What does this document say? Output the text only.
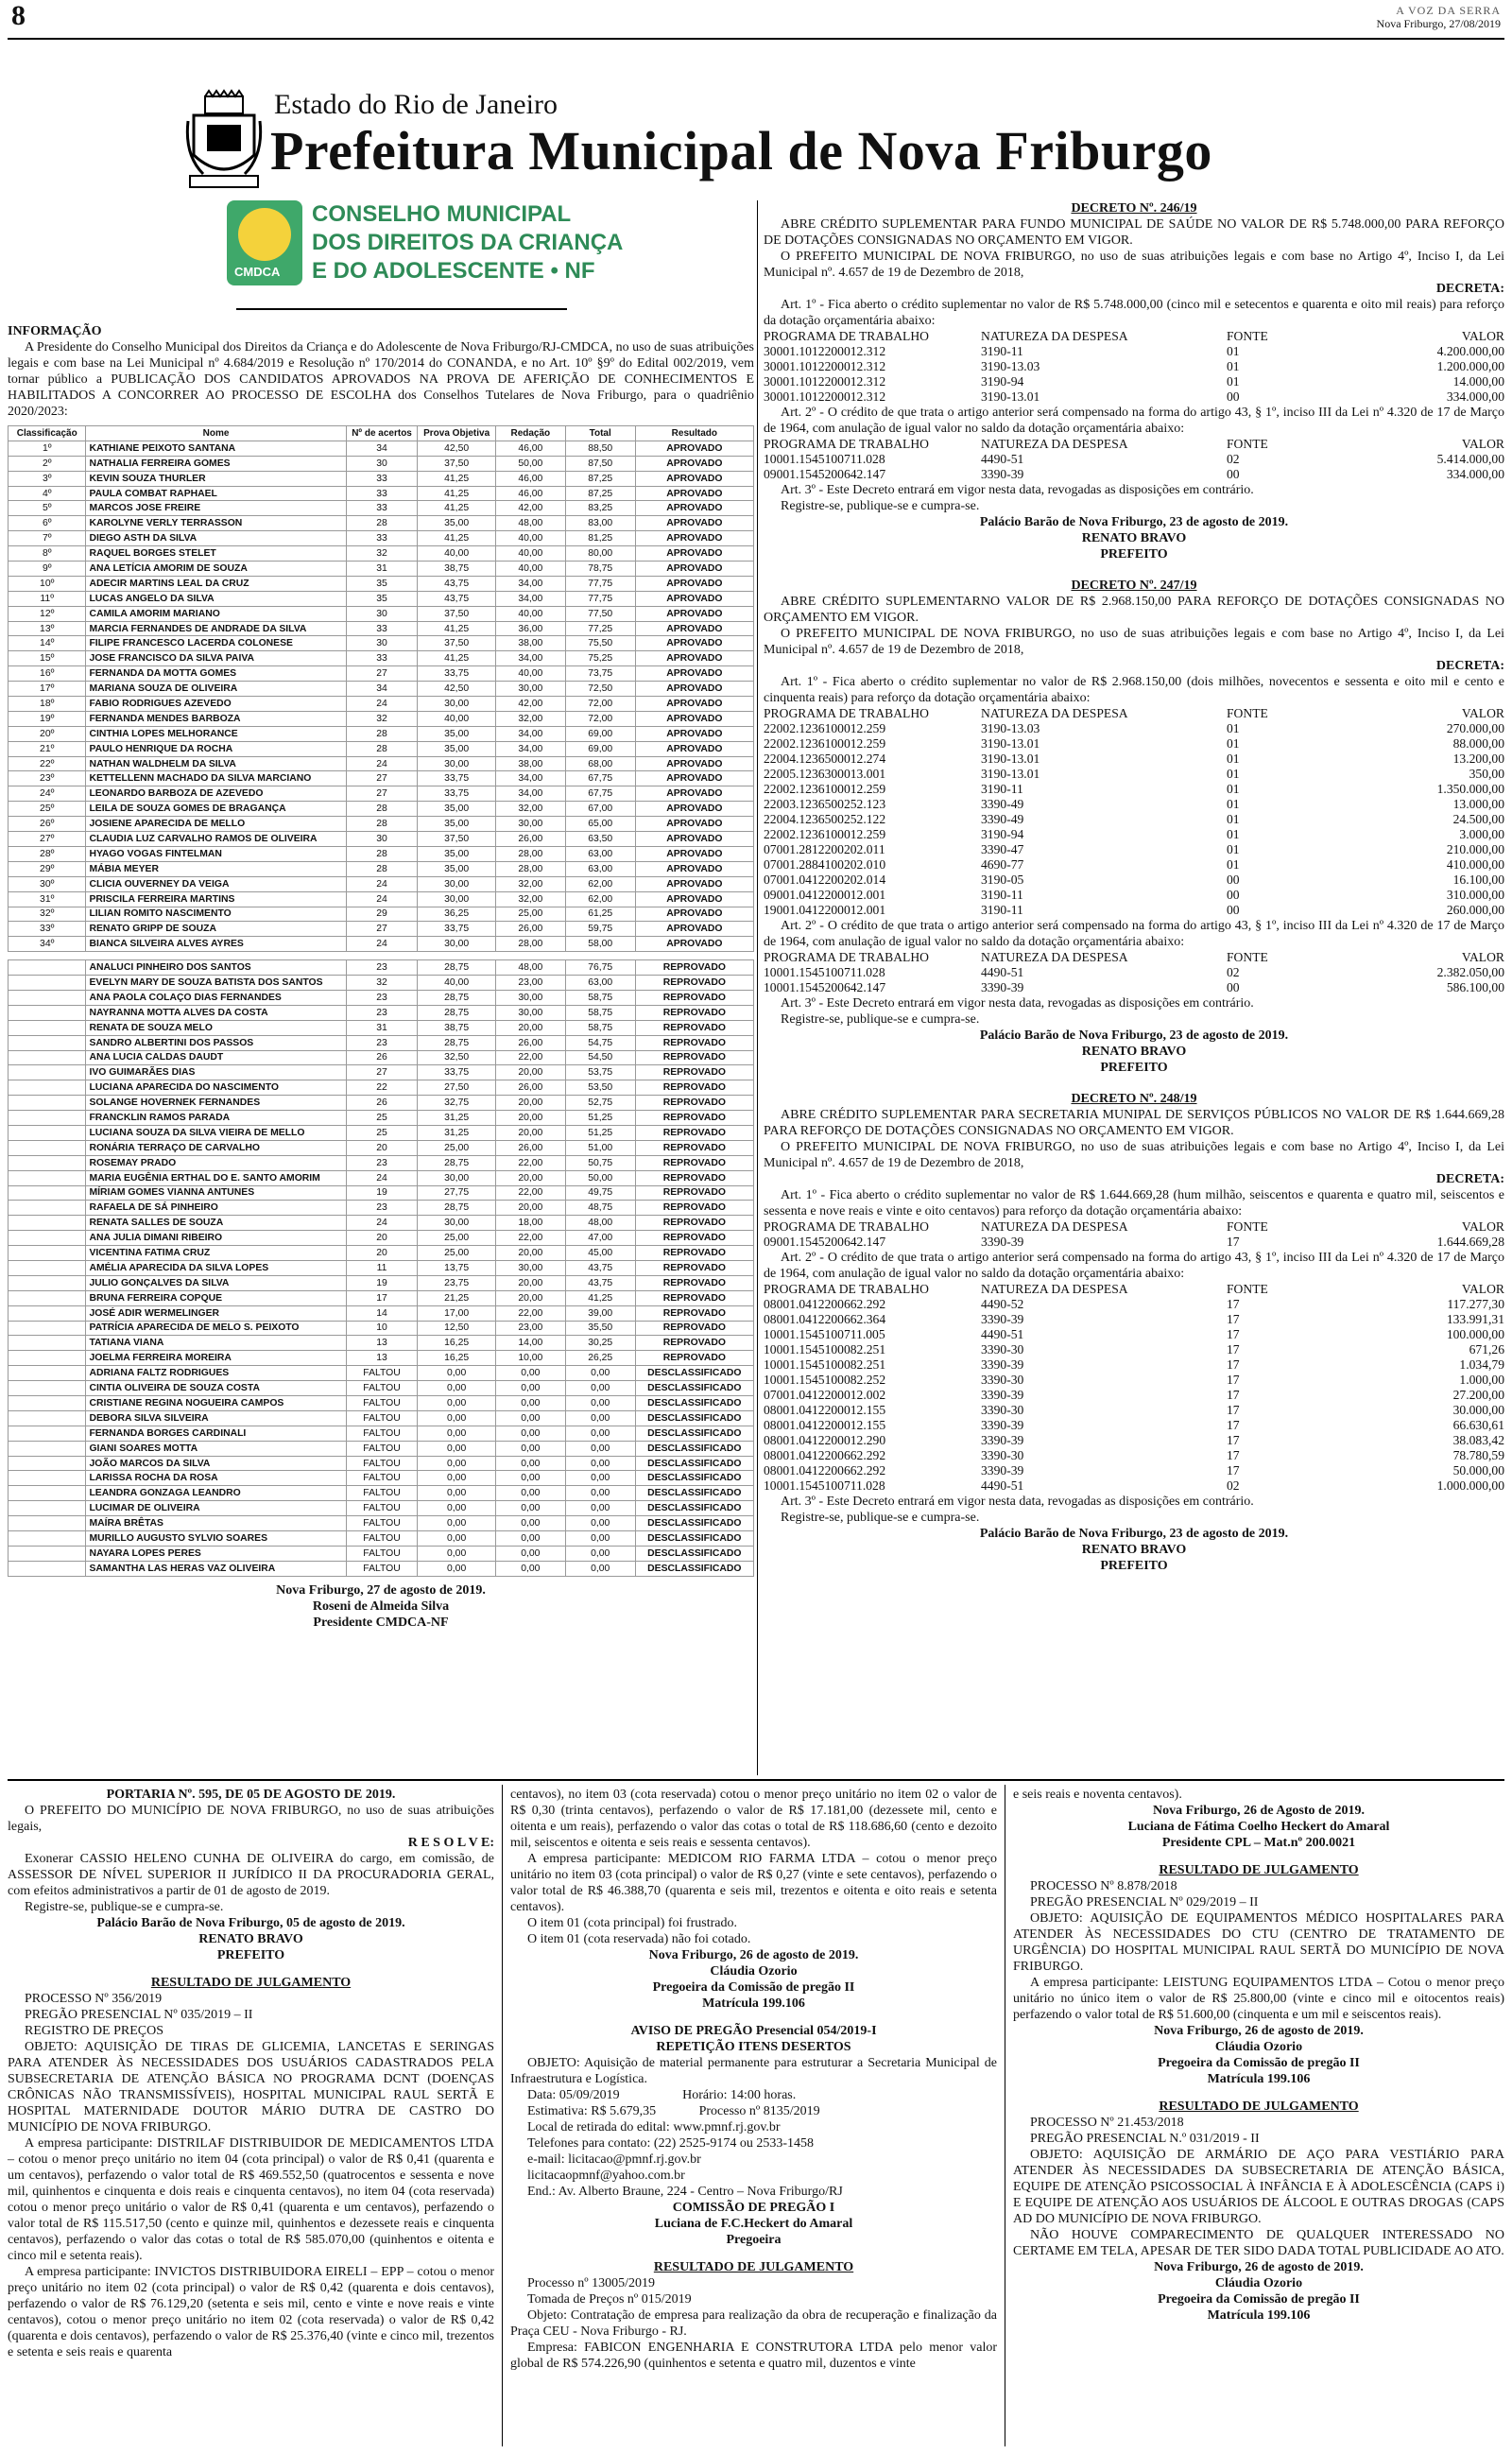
8	A VOZ DA SERRA
Nova Friburgo, 27/08/2019
Estado do Rio de Janeiro
Prefeitura Municipal de Nova Friburgo
CMDCA
CONSELHO MUNICIPAL
DOS DIREITOS DA CRIANÇA
E DO ADOLESCENTE • NF

INFORMAÇÃO

A Presidente do Conselho Municipal dos Direitos da Criança e do Adolescente de Nova Friburgo/RJ-CMDCA, no uso de suas atribuições legais e com base na Lei Municipal nº 4.684/2019 e Resolução nº 170/2014 do CONANDA, e no Art. 10º §9º do Edital 002/2019, vem tornar público a PUBLICAÇÃO DOS CANDIDATOS APROVADOS NA PROVA DE AFERIÇÃO DE CONHECIMENTOS E HABILITADOS A CONCORRER AO PROCESSO DE ESCOLHA dos Conselhos Tutelares de Nova Friburgo, para o quadriênio 2020/2023:

Classificação	Nome	Nº de acertos	Prova Objetiva	Redação	Total	Resultado
1º	KATHIANE PEIXOTO SANTANA	34	42,50	46,00	88,50	APROVADO
2º	NATHALIA FERREIRA GOMES	30	37,50	50,00	87,50	APROVADO
3º	KEVIN SOUZA THURLER	33	41,25	46,00	87,25	APROVADO
4º	PAULA COMBAT RAPHAEL	33	41,25	46,00	87,25	APROVADO
5º	MARCOS JOSE FREIRE	33	41,25	42,00	83,25	APROVADO
6º	KAROLYNE VERLY TERRASSON	28	35,00	48,00	83,00	APROVADO
7º	DIEGO ASTH DA SILVA	33	41,25	40,00	81,25	APROVADO
8º	RAQUEL BORGES STELET	32	40,00	40,00	80,00	APROVADO
9º	ANA LETÍCIA AMORIM DE SOUZA	31	38,75	40,00	78,75	APROVADO
10º	ADECIR MARTINS LEAL DA CRUZ	35	43,75	34,00	77,75	APROVADO
11º	LUCAS ANGELO DA SILVA	35	43,75	34,00	77,75	APROVADO
12º	CAMILA AMORIM MARIANO	30	37,50	40,00	77,50	APROVADO
13º	MARCIA FERNANDES DE ANDRADE DA SILVA	33	41,25	36,00	77,25	APROVADO
14º	FILIPE FRANCESCO LACERDA COLONESE	30	37,50	38,00	75,50	APROVADO
15º	JOSE FRANCISCO DA SILVA PAIVA	33	41,25	34,00	75,25	APROVADO
16º	FERNANDA DA MOTTA GOMES	27	33,75	40,00	73,75	APROVADO
17º	MARIANA SOUZA DE OLIVEIRA	34	42,50	30,00	72,50	APROVADO
18º	FABIO RODRIGUES AZEVEDO	24	30,00	42,00	72,00	APROVADO
19º	FERNANDA MENDES BARBOZA	32	40,00	32,00	72,00	APROVADO
20º	CINTHIA LOPES MELHORANCE	28	35,00	34,00	69,00	APROVADO
21º	PAULO HENRIQUE DA ROCHA	28	35,00	34,00	69,00	APROVADO
22º	NATHAN WALDHELM DA SILVA	24	30,00	38,00	68,00	APROVADO
23º	KETTELLENN MACHADO DA SILVA MARCIANO	27	33,75	34,00	67,75	APROVADO
24º	LEONARDO BARBOZA DE AZEVEDO	27	33,75	34,00	67,75	APROVADO
25º	LEILA DE SOUZA GOMES DE BRAGANÇA	28	35,00	32,00	67,00	APROVADO
26º	JOSIENE APARECIDA DE MELLO	28	35,00	30,00	65,00	APROVADO
27º	CLAUDIA LUZ CARVALHO RAMOS DE OLIVEIRA	30	37,50	26,00	63,50	APROVADO
28º	HYAGO VOGAS FINTELMAN	28	35,00	28,00	63,00	APROVADO
29º	MÁBIA MEYER	28	35,00	28,00	63,00	APROVADO
30º	CLICIA OUVERNEY DA VEIGA	24	30,00	32,00	62,00	APROVADO
31º	PRISCILA FERREIRA MARTINS	24	30,00	32,00	62,00	APROVADO
32º	LILIAN ROMITO NASCIMENTO	29	36,25	25,00	61,25	APROVADO
33º	RENATO GRIPP DE SOUZA	27	33,75	26,00	59,75	APROVADO
34º	BIANCA SILVEIRA ALVES AYRES	24	30,00	28,00	58,00	APROVADO

	ANALUCI PINHEIRO DOS SANTOS	23	28,75	48,00	76,75	REPROVADO
	EVELYN MARY DE SOUZA BATISTA DOS SANTOS	32	40,00	23,00	63,00	REPROVADO
	ANA PAOLA COLAÇO DIAS FERNANDES	23	28,75	30,00	58,75	REPROVADO
	NAYRANNA MOTTA ALVES DA COSTA	23	28,75	30,00	58,75	REPROVADO
	RENATA DE SOUZA MELO	31	38,75	20,00	58,75	REPROVADO
	SANDRO ALBERTINI DOS PASSOS	23	28,75	26,00	54,75	REPROVADO
	ANA LUCIA CALDAS DAUDT	26	32,50	22,00	54,50	REPROVADO
	IVO GUIMARÃES DIAS	27	33,75	20,00	53,75	REPROVADO
	LUCIANA APARECIDA DO NASCIMENTO	22	27,50	26,00	53,50	REPROVADO
	SOLANGE HOVERNEK FERNANDES	26	32,75	20,00	52,75	REPROVADO
	FRANCKLIN RAMOS PARADA	25	31,25	20,00	51,25	REPROVADO
	LUCIANA SOUZA DA SILVA VIEIRA DE MELLO	25	31,25	20,00	51,25	REPROVADO
	RONÁRIA TERRAÇO DE CARVALHO	20	25,00	26,00	51,00	REPROVADO
	ROSEMAY PRADO	23	28,75	22,00	50,75	REPROVADO
	MARIA EUGÊNIA ERTHAL DO E. SANTO AMORIM	24	30,00	20,00	50,00	REPROVADO
	MÍRIAM GOMES VIANNA ANTUNES	19	27,75	22,00	49,75	REPROVADO
	RAFAELA DE SÁ PINHEIRO	23	28,75	20,00	48,75	REPROVADO
	RENATA SALLES DE SOUZA	24	30,00	18,00	48,00	REPROVADO
	ANA JULIA DIMANI RIBEIRO	20	25,00	22,00	47,00	REPROVADO
	VICENTINA FATIMA CRUZ	20	25,00	20,00	45,00	REPROVADO
	AMÉLIA APARECIDA DA SILVA LOPES	11	13,75	30,00	43,75	REPROVADO
	JULIO GONÇALVES DA SILVA	19	23,75	20,00	43,75	REPROVADO
	BRUNA FERREIRA COPQUE	17	21,25	20,00	41,25	REPROVADO
	JOSÉ ADIR WERMELINGER	14	17,00	22,00	39,00	REPROVADO
	PATRÍCIA APARECIDA DE MELO S. PEIXOTO	10	12,50	23,00	35,50	REPROVADO
	TATIANA VIANA	13	16,25	14,00	30,25	REPROVADO
	JOELMA FERREIRA MOREIRA	13	16,25	10,00	26,25	REPROVADO
	ADRIANA FALTZ RODRIGUES	FALTOU	0,00	0,00	0,00	DESCLASSIFICADO
	CINTIA OLIVEIRA DE SOUZA COSTA	FALTOU	0,00	0,00	0,00	DESCLASSIFICADO
	CRISTIANE REGINA NOGUEIRA CAMPOS	FALTOU	0,00	0,00	0,00	DESCLASSIFICADO
	DEBORA SILVA SILVEIRA	FALTOU	0,00	0,00	0,00	DESCLASSIFICADO
	FERNANDA BORGES CARDINALI	FALTOU	0,00	0,00	0,00	DESCLASSIFICADO
	GIANI SOARES MOTTA	FALTOU	0,00	0,00	0,00	DESCLASSIFICADO
	JOÃO MARCOS DA SILVA	FALTOU	0,00	0,00	0,00	DESCLASSIFICADO
	LARISSA ROCHA DA ROSA	FALTOU	0,00	0,00	0,00	DESCLASSIFICADO
	LEANDRA GONZAGA LEANDRO	FALTOU	0,00	0,00	0,00	DESCLASSIFICADO
	LUCIMAR DE OLIVEIRA	FALTOU	0,00	0,00	0,00	DESCLASSIFICADO
	MAÍRA BRÊTAS	FALTOU	0,00	0,00	0,00	DESCLASSIFICADO
	MURILLO AUGUSTO SYLVIO SOARES	FALTOU	0,00	0,00	0,00	DESCLASSIFICADO
	NAYARA LOPES PERES	FALTOU	0,00	0,00	0,00	DESCLASSIFICADO
	SAMANTHA LAS HERAS VAZ OLIVEIRA	FALTOU	0,00	0,00	0,00	DESCLASSIFICADO

Nova Friburgo, 27 de agosto de 2019.

Roseni de Almeida Silva

Presidente CMDCA-NF

DECRETO Nº. 246/19

ABRE CRÉDITO SUPLEMENTAR PARA FUNDO MUNICIPAL DE SAÚDE NO VALOR DE R$ 5.748.000,00 PARA REFORÇO DE DOTAÇÕES CONSIGNADAS NO ORÇAMENTO EM VIGOR.

O PREFEITO MUNICIPAL DE NOVA FRIBURGO, no uso de suas atribuições legais e com base no Artigo 4º, Inciso I, da Lei Municipal nº. 4.657 de 19 de Dezembro de 2018,

DECRETA:

Art. 1º - Fica aberto o crédito suplementar no valor de R$ 5.748.000,00 (cinco mil e setecentos e quarenta e oito mil reais) para reforço da dotação orçamentária abaixo:

PROGRAMA DE TRABALHO	NATUREZA DA DESPESA	FONTE	VALOR
30001.1012200012.312	3190-11	01	4.200.000,00
30001.1012200012.312	3190-13.03	01	1.200.000,00
30001.1012200012.312	3190-94	01	14.000,00
30001.1012200012.312	3190-13.01	00	334.000,00

Art. 2º - O crédito de que trata o artigo anterior será compensado na forma do artigo 43, § 1º, inciso III da Lei nº 4.320 de 17 de Março de 1964, com anulação de igual valor no saldo da dotação orçamentária abaixo:

PROGRAMA DE TRABALHO	NATUREZA DA DESPESA	FONTE	VALOR
10001.1545100711.028	4490-51	02	5.414.000,00
09001.1545200642.147	3390-39	00	334.000,00

Art. 3º - Este Decreto entrará em vigor nesta data, revogadas as disposições em contrário.

Registre-se, publique-se e cumpra-se.

Palácio Barão de Nova Friburgo, 23 de agosto de 2019.

RENATO BRAVO

PREFEITO

DECRETO Nº. 247/19

ABRE CRÉDITO SUPLEMENTARNO VALOR DE R$ 2.968.150,00 PARA REFORÇO DE DOTAÇÕES CONSIGNADAS NO ORÇAMENTO EM VIGOR.

O PREFEITO MUNICIPAL DE NOVA FRIBURGO, no uso de suas atribuições legais e com base no Artigo 4º, Inciso I, da Lei Municipal nº. 4.657 de 19 de Dezembro de 2018,

DECRETA:

Art. 1º - Fica aberto o crédito suplementar no valor de R$ 2.968.150,00 (dois milhões, novecentos e sessenta e oito mil e cento e cinquenta reais) para reforço da dotação orçamentária abaixo:

PROGRAMA DE TRABALHO	NATUREZA DA DESPESA	FONTE	VALOR
22002.1236100012.259	3190-13.03	01	270.000,00
22002.1236100012.259	3190-13.01	01	88.000,00
22004.1236500012.274	3190-13.01	01	13.200,00
22005.1236300013.001	3190-13.01	01	350,00
22002.1236100012.259	3190-11	01	1.350.000,00
22003.1236500252.123	3390-49	01	13.000,00
22004.1236500252.122	3390-49	01	24.500,00
22002.1236100012.259	3190-94	01	3.000,00
07001.2812200202.011	3390-47	01	210.000,00
07001.2884100202.010	4690-77	01	410.000,00
07001.0412200202.014	3190-05	00	16.100,00
09001.0412200012.001	3190-11	00	310.000,00
19001.0412200012.001	3190-11	00	260.000,00

Art. 2º - O crédito de que trata o artigo anterior será compensado na forma do artigo 43, § 1º, inciso III da Lei nº 4.320 de 17 de Março de 1964, com anulação de igual valor no saldo da dotação orçamentária abaixo:

PROGRAMA DE TRABALHO	NATUREZA DA DESPESA	FONTE	VALOR
10001.1545100711.028	4490-51	02	2.382.050,00
10001.1545200642.147	3390-39	00	586.100,00

Art. 3º - Este Decreto entrará em vigor nesta data, revogadas as disposições em contrário.

Registre-se, publique-se e cumpra-se.

Palácio Barão de Nova Friburgo, 23 de agosto de 2019.

RENATO BRAVO

PREFEITO

DECRETO Nº. 248/19

ABRE CRÉDITO SUPLEMENTAR PARA SECRETARIA MUNIPAL DE SERVIÇOS PÚBLICOS NO VALOR DE R$ 1.644.669,28 PARA REFORÇO DE DOTAÇÕES CONSIGNADAS NO ORÇAMENTO EM VIGOR.

O PREFEITO MUNICIPAL DE NOVA FRIBURGO, no uso de suas atribuições legais e com base no Artigo 4º, Inciso I, da Lei Municipal nº. 4.657 de 19 de Dezembro de 2018,

DECRETA:

Art. 1º - Fica aberto o crédito suplementar no valor de R$ 1.644.669,28 (hum milhão, seiscentos e quarenta e quatro mil, seiscentos e sessenta e nove reais e vinte e oito centavos) para reforço da dotação orçamentária abaixo:

PROGRAMA DE TRABALHO	NATUREZA DA DESPESA	FONTE	VALOR
09001.1545200642.147	3390-39	17	1.644.669,28

Art. 2º - O crédito de que trata o artigo anterior será compensado na forma do artigo 43, § 1º, inciso III da Lei nº 4.320 de 17 de Março de 1964, com anulação de igual valor no saldo da dotação orçamentária abaixo:

PROGRAMA DE TRABALHO	NATUREZA DA DESPESA	FONTE	VALOR
08001.0412200662.292	4490-52	17	117.277,30
08001.0412200662.364	3390-39	17	133.991,31
10001.1545100711.005	4490-51	17	100.000,00
10001.1545100082.251	3390-30	17	671,26
10001.1545100082.251	3390-39	17	1.034,79
10001.1545100082.252	3390-30	17	1.000,00
07001.0412200012.002	3390-39	17	27.200,00
08001.0412200012.155	3390-30	17	30.000,00
08001.0412200012.155	3390-39	17	66.630,61
08001.0412200012.290	3390-39	17	38.083,42
08001.0412200662.292	3390-30	17	78.780,59
08001.0412200662.292	3390-39	17	50.000,00
10001.1545100711.028	4490-51	02	1.000.000,00

Art. 3º - Este Decreto entrará em vigor nesta data, revogadas as disposições em contrário.

Registre-se, publique-se e cumpra-se.

Palácio Barão de Nova Friburgo, 23 de agosto de 2019.

RENATO BRAVO

PREFEITO

PORTARIA Nº. 595, DE 05 DE AGOSTO DE 2019.

O PREFEITO DO MUNICÍPIO DE NOVA FRIBURGO, no uso de suas atribuições legais,

R E S O L V E:

Exonerar CASSIO HELENO CUNHA DE OLIVEIRA do cargo, em comissão, de ASSESSOR DE NÍVEL SUPERIOR II JURÍDICO II DA PROCURADORIA GERAL, com efeitos administrativos a partir de 01 de agosto de 2019.

Registre-se, publique-se e cumpra-se.

Palácio Barão de Nova Friburgo, 05 de agosto de 2019.

RENATO BRAVO

PREFEITO

RESULTADO DE JULGAMENTO

PROCESSO Nº 356/2019

PREGÃO PRESENCIAL Nº 035/2019 – II

REGISTRO DE PREÇOS

OBJETO: AQUISIÇÃO DE TIRAS DE GLICEMIA, LANCETAS E SERINGAS PARA ATENDER ÀS NECESSIDADES DOS USUÁRIOS CADASTRADOS PELA SUBSECRETARIA DE ATENÇÃO BÁSICA NO PROGRAMA DCNT (DOENÇAS CRÔNICAS NÃO TRANSMISSÍVEIS), HOSPITAL MUNICIPAL RAUL SERTÃ E HOSPITAL MATERNIDADE DOUTOR MÁRIO DUTRA DE CASTRO DO MUNICÍPIO DE NOVA FRIBURGO.

A empresa participante: DISTRILAF DISTRIBUIDOR DE MEDICAMENTOS LTDA – cotou o menor preço unitário no item 04 (cota principal) o valor de R$ 0,41 (quarenta e um centavos), perfazendo o valor total de R$ 469.552,50 (quatrocentos e sessenta e nove mil, quinhentos e cinquenta e dois reais e cinquenta centavos), no item 04 (cota reservada) cotou o menor preço unitário o valor de R$ 0,41 (quarenta e um centavos), perfazendo o valor total de R$ 115.517,50 (cento e quinze mil, quinhentos e dezessete reais e cinquenta centavos), perfazendo o valor das cotas o total de R$ 585.070,00 (quinhentos e oitenta e cinco mil e setenta reais).

A empresa participante: INVICTOS DISTRIBUIDORA EIRELI – EPP – cotou o menor preço unitário no item 02 (cota principal) o valor de R$ 0,42 (quarenta e dois centavos), perfazendo o valor de R$ 76.129,20 (setenta e seis mil, cento e vinte e nove reais e vinte centavos), cotou o menor preço unitário no item 02 (cota reservada) o valor de R$ 0,42 (quarenta e dois centavos), perfazendo o valor de R$ 25.376,40 (vinte e cinco mil, trezentos e setenta e seis reais e quarenta

centavos), no item 03 (cota reservada) cotou o menor preço unitário no item 02 o valor de R$ 0,30 (trinta centavos), perfazendo o valor de R$ 17.181,00 (dezessete mil, cento e oitenta e um reais), perfazendo o valor das cotas o total de R$ 118.686,60 (cento e dezoito mil, seiscentos e oitenta e seis reais e sessenta centavos).

A empresa participante: MEDICOM RIO FARMA LTDA – cotou o menor preço unitário no item 03 (cota principal) o valor de R$ 0,27 (vinte e sete centavos), perfazendo o valor total de R$ 46.388,70 (quarenta e seis mil, trezentos e oitenta e oito reais e setenta centavos).

O item 01 (cota principal) foi frustrado.

O item 01 (cota reservada) não foi cotado.

Nova Friburgo, 26 de agosto de 2019.

Cláudia Ozorio

Pregoeira da Comissão de pregão II

Matrícula 199.106

AVISO DE PREGÃO Presencial 054/2019-I

REPETIÇÃO ITENS DESERTOS

OBJETO: Aquisição de material permanente para estruturar a Secretaria Municipal de Infraestrutura e Logística.

Data: 05/09/2019                   Horário: 14:00 horas.

Estimativa: R$ 5.679,35             Processo nº 8135/2019

Local de retirada do edital: www.pmnf.rj.gov.br

Telefones para contato: (22) 2525-9174 ou 2533-1458

e-mail: licitacao@pmnf.rj.gov.br

licitacaopmnf@yahoo.com.br

End.: Av. Alberto Braune, 224 - Centro – Nova Friburgo/RJ

COMISSÃO DE PREGÃO I

Luciana de F.C.Heckert do Amaral

Pregoeira

RESULTADO DE JULGAMENTO

Processo nº 13005/2019

Tomada de Preços nº 015/2019

Objeto: Contratação de empresa para realização da obra de recuperação e finalização da Praça CEU - Nova Friburgo - RJ.

Empresa: FABICON ENGENHARIA E CONSTRUTORA LTDA pelo menor valor global de R$ 574.226,90 (quinhentos e setenta e quatro mil, duzentos e vinte

e seis reais e noventa centavos).

Nova Friburgo, 26 de Agosto de 2019.

Luciana de Fátima Coelho Heckert do Amaral

Presidente CPL – Mat.nº 200.0021

RESULTADO DE JULGAMENTO

PROCESSO Nº 8.878/2018

PREGÃO PRESENCIAL Nº 029/2019 – II

OBJETO: AQUISIÇÃO DE EQUIPAMENTOS MÉDICO HOSPITALARES PARA ATENDER ÀS NECESSIDADES DO CTU (CENTRO DE TRATAMENTO DE URGÊNCIA) DO HOSPITAL MUNICIPAL RAUL SERTÃ DO MUNICÍPIO DE NOVA FRIBURGO.

A empresa participante: LEISTUNG EQUIPAMENTOS LTDA – Cotou o menor preço unitário no único item o valor de R$ 25.800,00 (vinte e cinco mil e oitocentos reais) perfazendo o valor total de R$ 51.600,00 (cinquenta e um mil e seiscentos reais).

Nova Friburgo, 26 de agosto de 2019.

Cláudia Ozorio

Pregoeira da Comissão de pregão II

Matrícula 199.106

RESULTADO DE JULGAMENTO

PROCESSO Nº 21.453/2018

PREGÃO PRESENCIAL N.º 031/2019 - II

OBJETO: AQUISIÇÃO DE ARMÁRIO DE AÇO PARA VESTIÁRIO PARA ATENDER ÀS NECESSIDADES DA SUBSECRETARIA DE ATENÇÃO BÁSICA, EQUIPE DE ATENÇÃO PSICOSSOCIAL À INFÂNCIA E À ADOLESCÊNCIA (CAPS i) E EQUIPE DE ATENÇÃO AOS USUÁRIOS DE ÁLCOOL E OUTRAS DROGAS (CAPS AD DO MUNICÍPIO DE NOVA FRIBURGO.

NÃO HOUVE COMPARECIMENTO DE QUALQUER INTERESSADO NO CERTAME EM TELA, APESAR DE TER SIDO DADA TOTAL PUBLICIDADE AO ATO.

Nova Friburgo, 26 de agosto de 2019.

Cláudia Ozorio

Pregoeira da Comissão de pregão II

Matrícula 199.106
